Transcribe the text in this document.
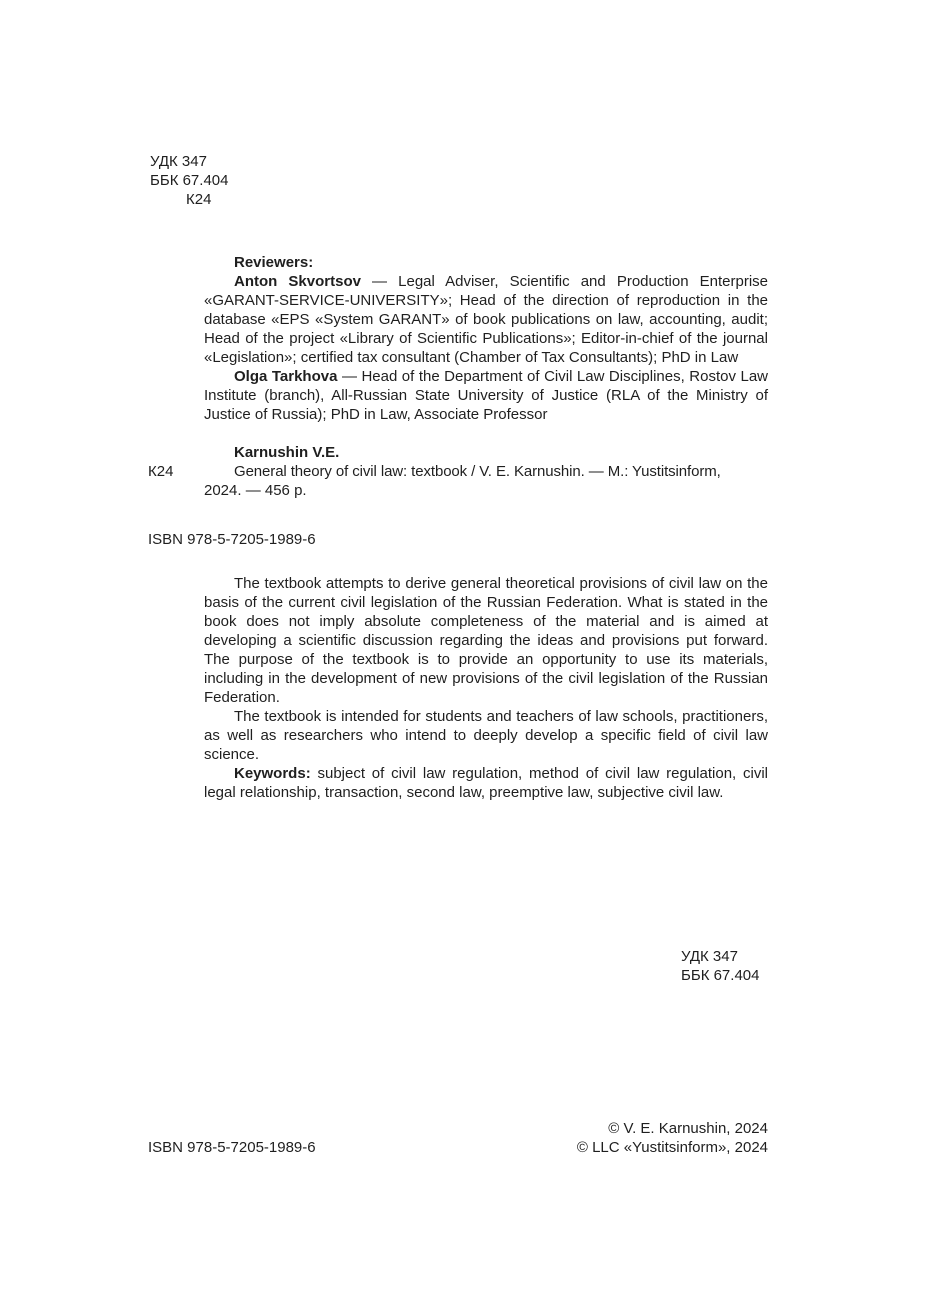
УДК 347
ББК 67.404
К24
Reviewers:
Anton Skvortsov — Legal Adviser, Scientific and Production Enterprise «GARANT-SERVICE-UNIVERSITY»; Head of the direction of reproduction in the database «EPS «System GARANT» of book publications on law, accounting, audit; Head of the project «Library of Scientific Publications»; Editor-in-chief of the journal «Legislation»; certified tax consultant (Chamber of Tax Consultants); PhD in Law
Olga Tarkhova — Head of the Department of Civil Law Disciplines, Rostov Law Institute (branch), All-Russian State University of Justice (RLA of the Ministry of Justice of Russia); PhD in Law, Associate Professor
Karnushin V.E.
К24	General theory of civil law: textbook / V. E. Karnushin. — M.: Yustitsinform,
2024. — 456 p.
ISBN 978-5-7205-1989-6
The textbook attempts to derive general theoretical provisions of civil law on the basis of the current civil legislation of the Russian Federation. What is stated in the book does not imply absolute completeness of the material and is aimed at developing a scientific discussion regarding the ideas and provisions put forward. The purpose of the textbook is to provide an opportunity to use its materials, including in the development of new provisions of the civil legislation of the Russian Federation.
The textbook is intended for students and teachers of law schools, practitioners, as well as researchers who intend to deeply develop a specific field of civil law science.
Keywords: subject of civil law regulation, method of civil law regulation, civil legal relationship, transaction, second law, preemptive law, subjective civil law.
УДК 347
ББК 67.404
ISBN 978-5-7205-1989-6
© V. E. Karnushin, 2024
© LLC «Yustitsinform», 2024
